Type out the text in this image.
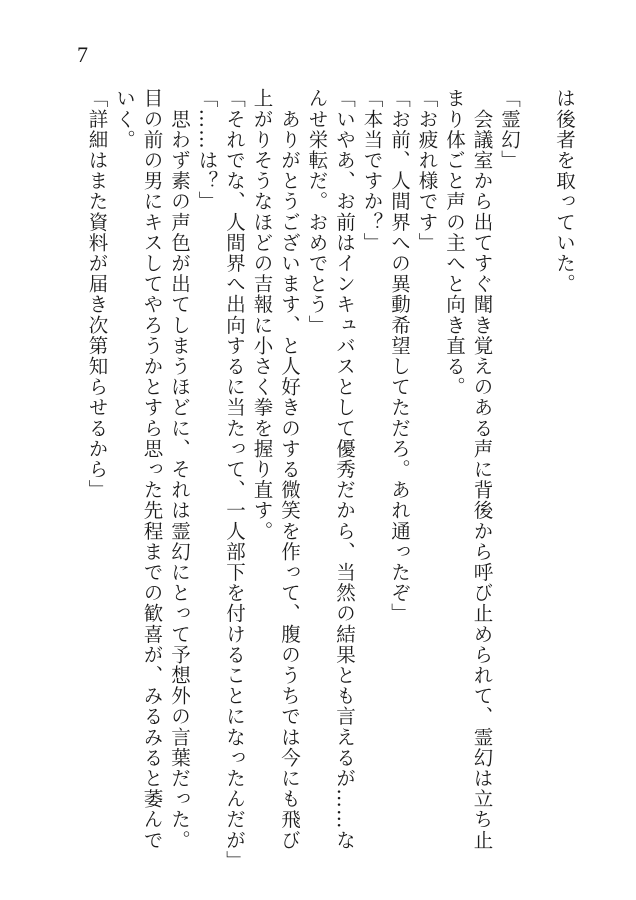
7
は後者を取っていた。

「霊幻」
　会議室から出てすぐ聞き覚えのある声に背後から呼び止められて、霊幻は立ち止
まり体ごと声の主へと向き直る。
「お疲れ様です」
「お前、人間界への異動希望してただろ。あれ通ったぞ」
「本当ですか？」
「いやあ、お前はインキュバスとして優秀だから、当然の結果とも言えるが……な
んせ栄転だ。おめでとう」
　ありがとうございます、と人好きのする微笑を作って、腹のうちでは今にも飛び
上がりそうなほどの吉報に小さく拳を握り直す。
「それでな、人間界へ出向するに当たって、一人部下を付けることになったんだが」
「……は？」
　思わず素の声色が出てしまうほどに、それは霊幻にとって予想外の言葉だった。
目の前の男にキスしてやろうかとすら思った先程までの歓喜が、みるみると萎んで
いく。
「詳細はまた資料が届き次第知らせるから」
